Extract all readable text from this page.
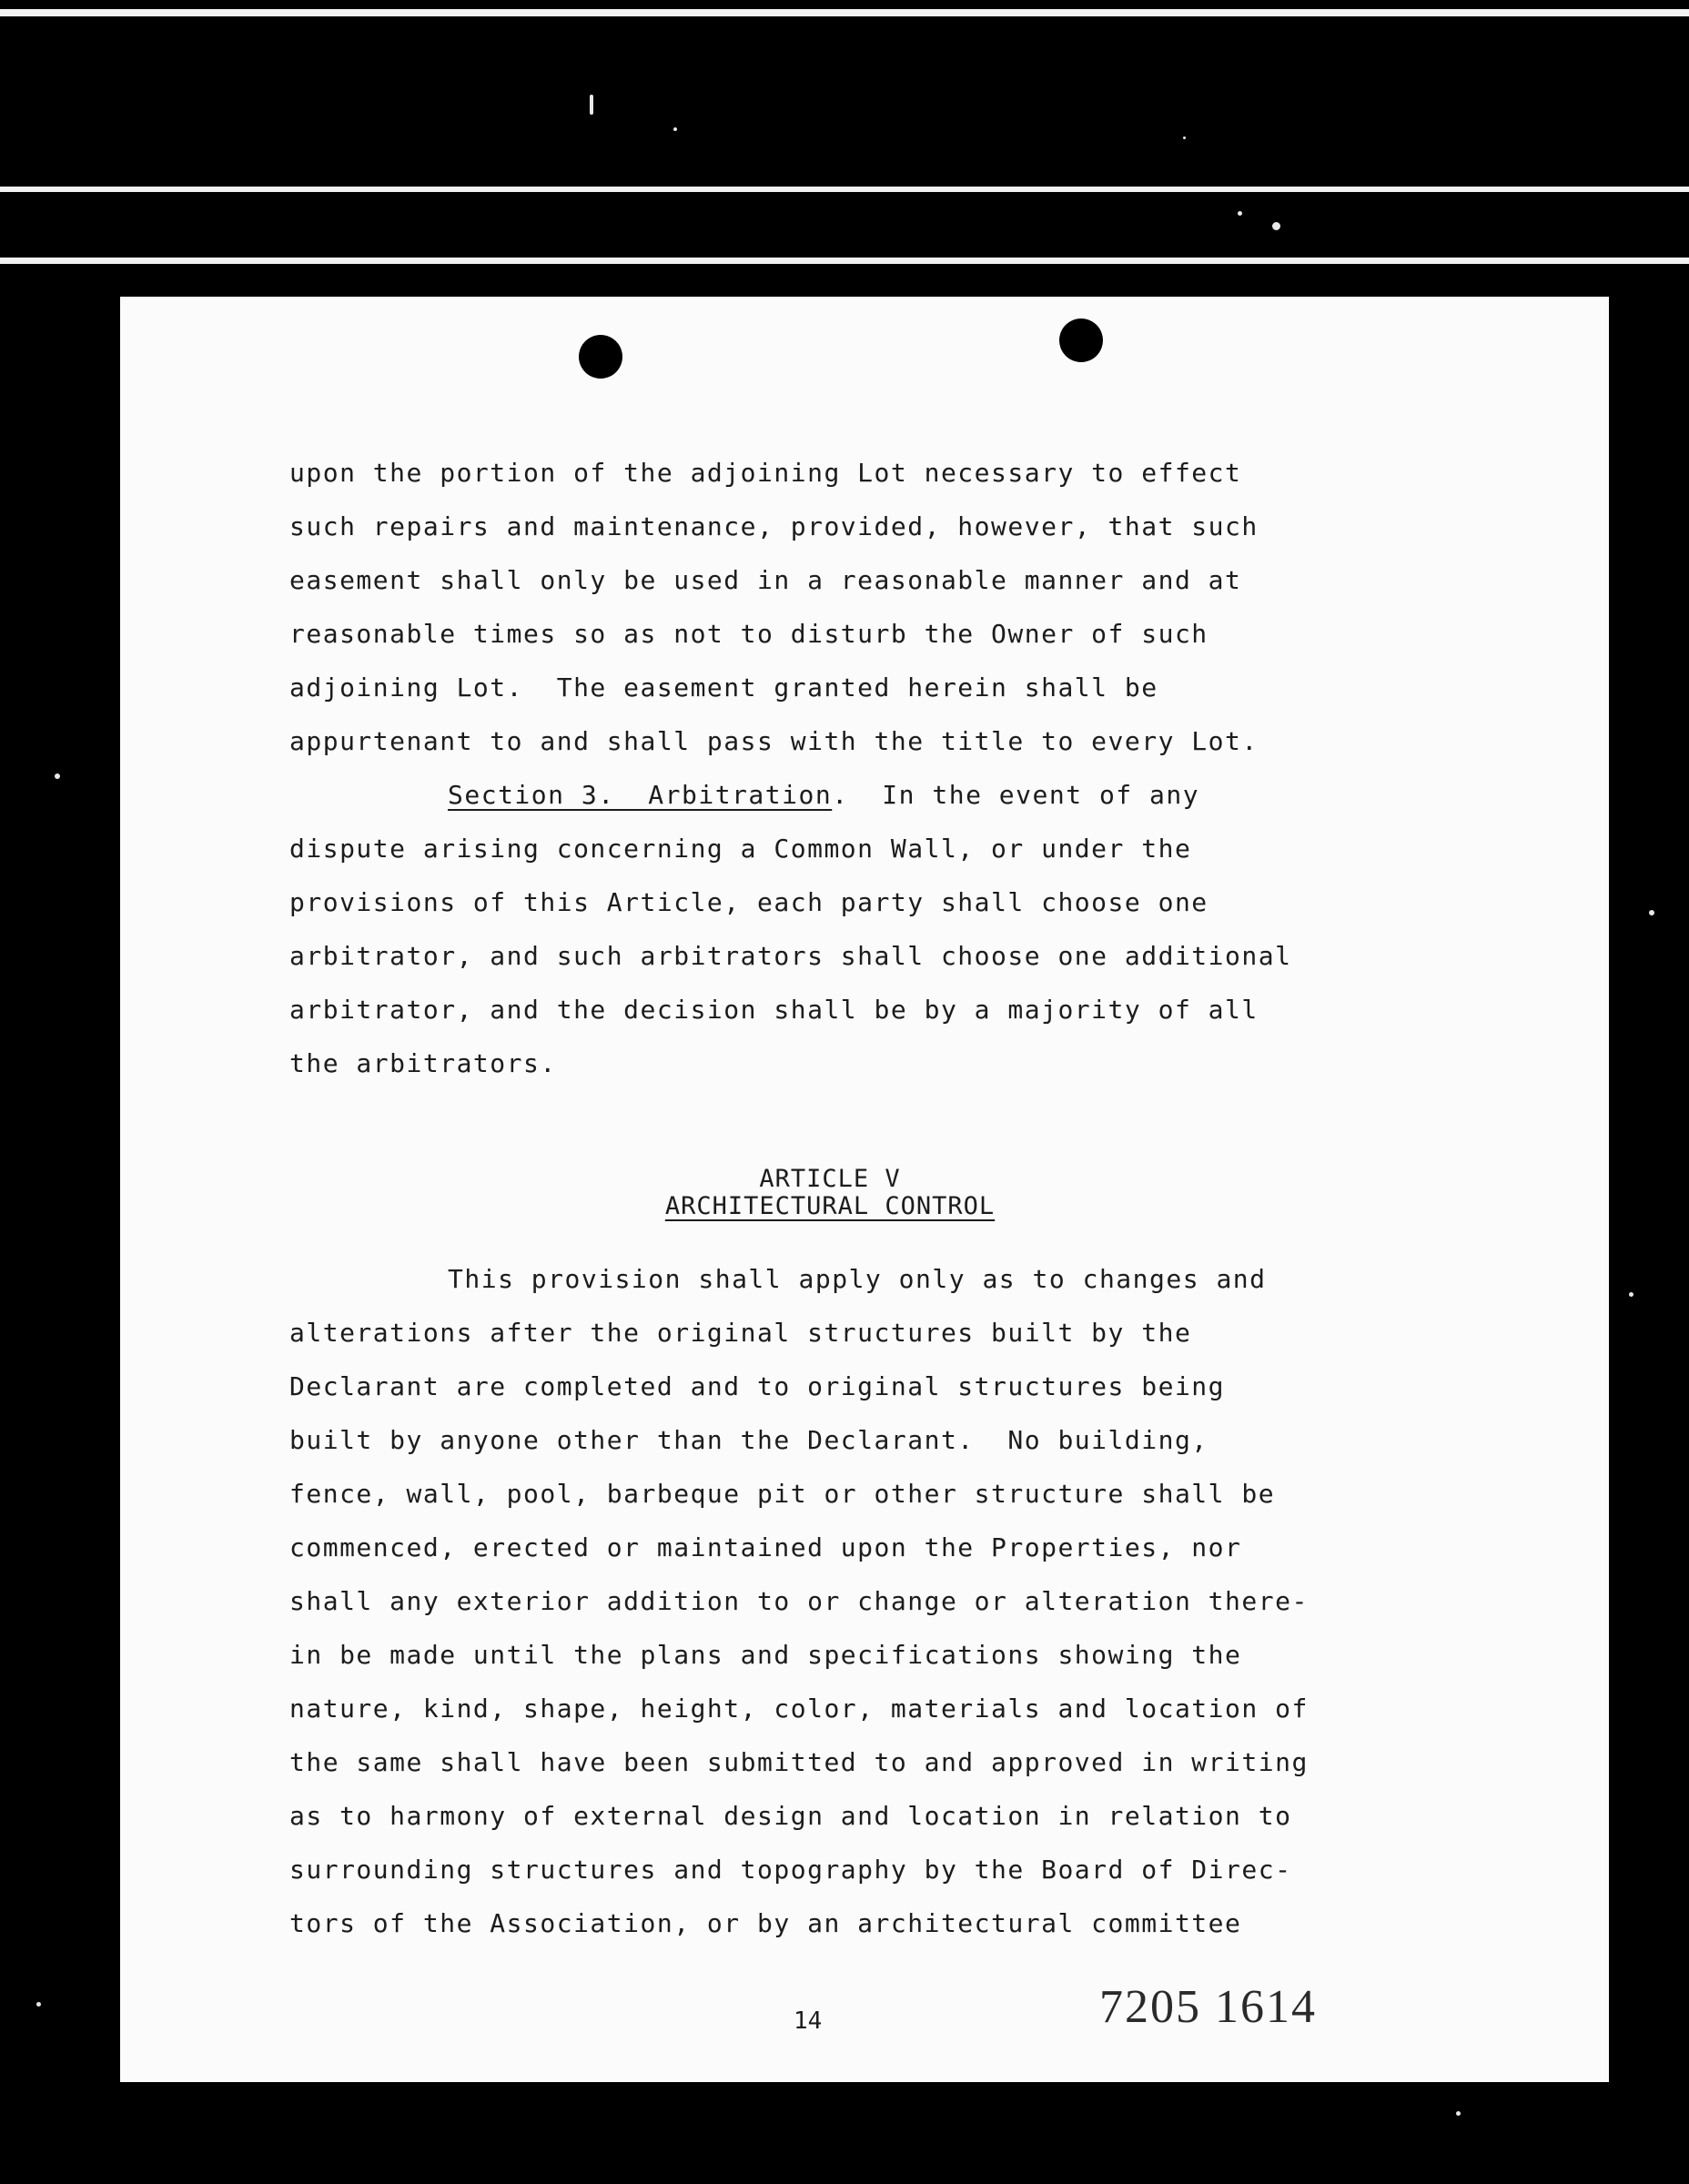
upon the portion of the adjoining Lot necessary to effect
such repairs and maintenance, provided, however, that such
easement shall only be used in a reasonable manner and at
reasonable times so as not to disturb the Owner of such
adjoining Lot.  The easement granted herein shall be
appurtenant to and shall pass with the title to every Lot.
Section 3.  Arbitration.  In the event of any
dispute arising concerning a Common Wall, or under the
provisions of this Article, each party shall choose one
arbitrator, and such arbitrators shall choose one additional
arbitrator, and the decision shall be by a majority of all
the arbitrators.
ARTICLE V
ARCHITECTURAL CONTROL
This provision shall apply only as to changes and
alterations after the original structures built by the
Declarant are completed and to original structures being
built by anyone other than the Declarant.  No building,
fence, wall, pool, barbeque pit or other structure shall be
commenced, erected or maintained upon the Properties, nor
shall any exterior addition to or change or alteration there-
in be made until the plans and specifications showing the
nature, kind, shape, height, color, materials and location of
the same shall have been submitted to and approved in writing
as to harmony of external design and location in relation to
surrounding structures and topography by the Board of Direc-
tors of the Association, or by an architectural committee
14	7205 1614
